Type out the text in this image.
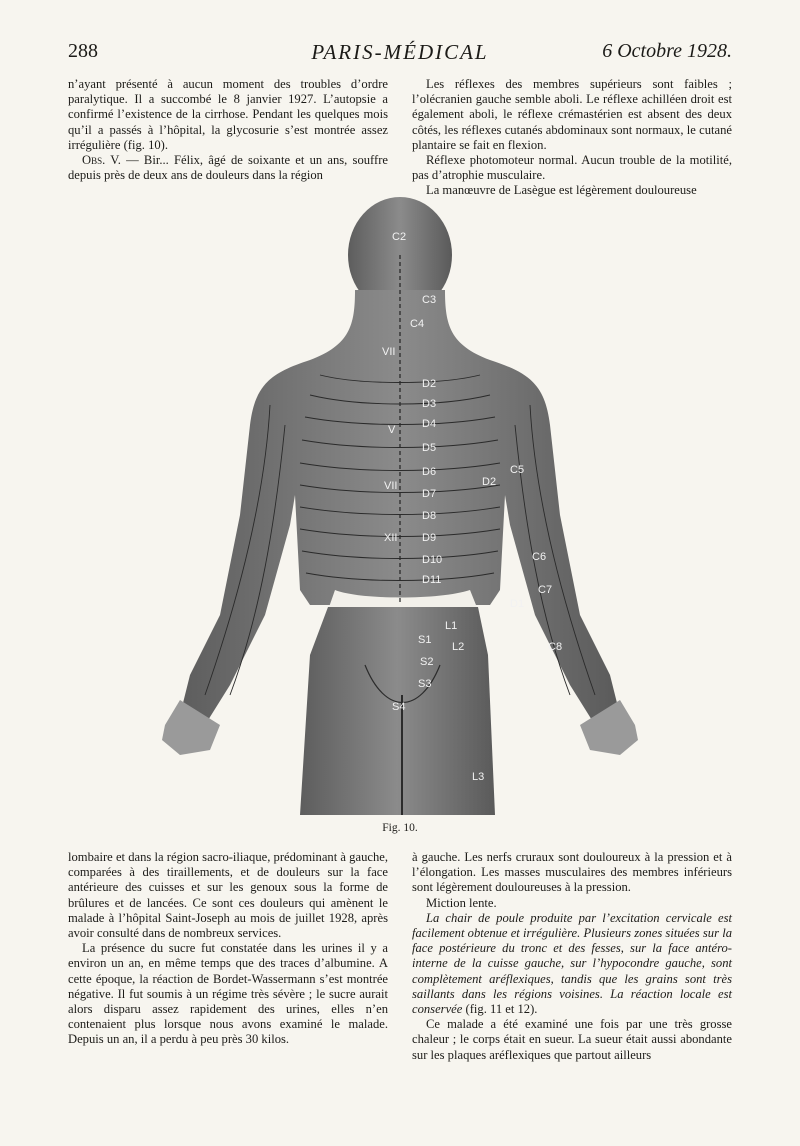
288	PARIS-MÉDICAL	6 Octobre 1928.

n’ayant présenté à aucun moment des troubles d’ordre paralytique. Il a succombé le 8 janvier 1927. L’autopsie a confirmé l’existence de la cirrhose. Pendant les quelques mois qu’il a passés à l’hôpital, la glycosurie s’est montrée assez irrégulière (fig. 10).

Obs. V. — Bir... Félix, âgé de soixante et un ans, souffre depuis près de deux ans de douleurs dans la région

Les réflexes des membres supérieurs sont faibles ; l’olécranien gauche semble aboli. Le réflexe achilléen droit est également aboli, le réflexe crémastérien est absent des deux côtés, les réflexes cutanés abdominaux sont normaux, le cutané plantaire se fait en flexion.

Réflexe photomoteur normal. Aucun trouble de la motilité, pas d’atrophie musculaire.

La manœuvre de Lasègue est légèrement douloureuse

C2
C3
C4
VII
D2
D3
D4
D5
D6
D7
D8
D9
D10
D11
C5
D2
C6
C7
D1
C8
L1
L2
S1
S2
S3
S4
L3
V
VII
XII
Fig. 10.

lombaire et dans la région sacro-iliaque, prédominant à gauche, comparées à des tiraillements, et de douleurs sur la face antérieure des cuisses et sur les genoux sous la forme de brûlures et de lancées. Ce sont ces douleurs qui amènent le malade à l’hôpital Saint-Joseph au mois de juillet 1928, après avoir consulté dans de nombreux services.

La présence du sucre fut constatée dans les urines il y a environ un an, en même temps que des traces d’albumine. A cette époque, la réaction de Bordet-Wassermann s’est montrée négative. Il fut soumis à un régime très sévère ; le sucre aurait alors disparu assez rapidement des urines, elles n’en contenaient plus lorsque nous avons examiné le malade. Depuis un an, il a perdu à peu près 30 kilos.

à gauche. Les nerfs cruraux sont douloureux à la pression et à l’élongation. Les masses musculaires des membres inférieurs sont légèrement douloureuses à la pression.

Miction lente.

La chair de poule produite par l’excitation cervicale est facilement obtenue et irrégulière. Plusieurs zones situées sur la face postérieure du tronc et des fesses, sur la face antéro-interne de la cuisse gauche, sur l’hypocondre gauche, sont complètement aréflexiques, tandis que les grains sont très saillants dans les régions voisines. La réaction locale est conservée (fig. 11 et 12).

Ce malade a été examiné une fois par une très grosse chaleur ; le corps était en sueur. La sueur était aussi abondante sur les plaques aréflexiques que partout ailleurs
